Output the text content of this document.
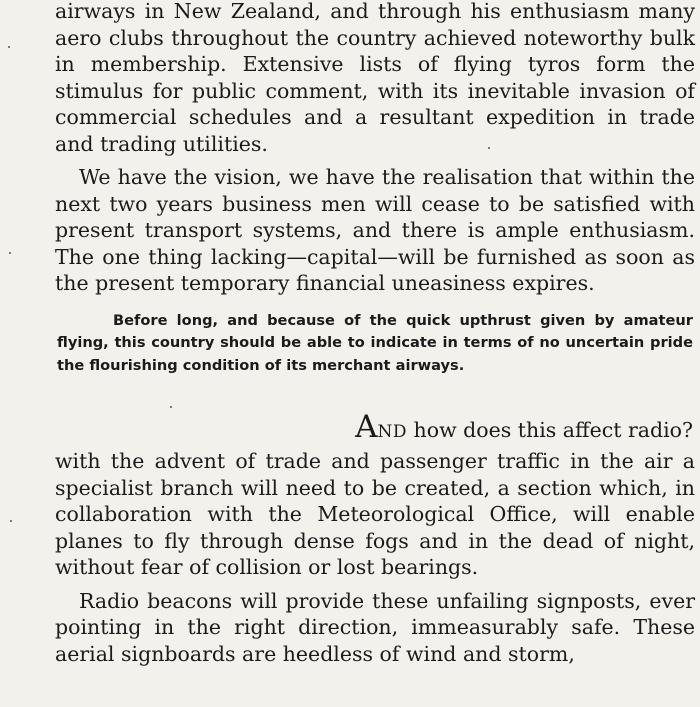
airways in New Zealand, and through his enthusiasm many aero clubs throughout the country achieved noteworthy bulk in membership. Extensive lists of flying tyros form the stimulus for public comment, with its inevitable invasion of commercial schedules and a resultant expedition in trade and trading utilities.

We have the vision, we have the realisation that within the next two years business men will cease to be satisfied with present transport systems, and there is ample enthusiasm. The one thing lacking—capital—will be furnished as soon as the present temporary financial uneasiness expires.

Before long, and because of the quick upthrust given by amateur flying, this country should be able to indicate in terms of no uncertain pride the flourishing condition of its merchant airways.

AND how does this affect radio?

with the advent of trade and passenger traffic in the air a specialist branch will need to be created, a section which, in collaboration with the Meteorological Office, will enable planes to fly through dense fogs and in the dead of night, without fear of collision or lost bearings.

Radio beacons will provide these unfailing signposts, ever pointing in the right direction, immeasurably safe. These aerial signboards are heedless of wind and storm,
